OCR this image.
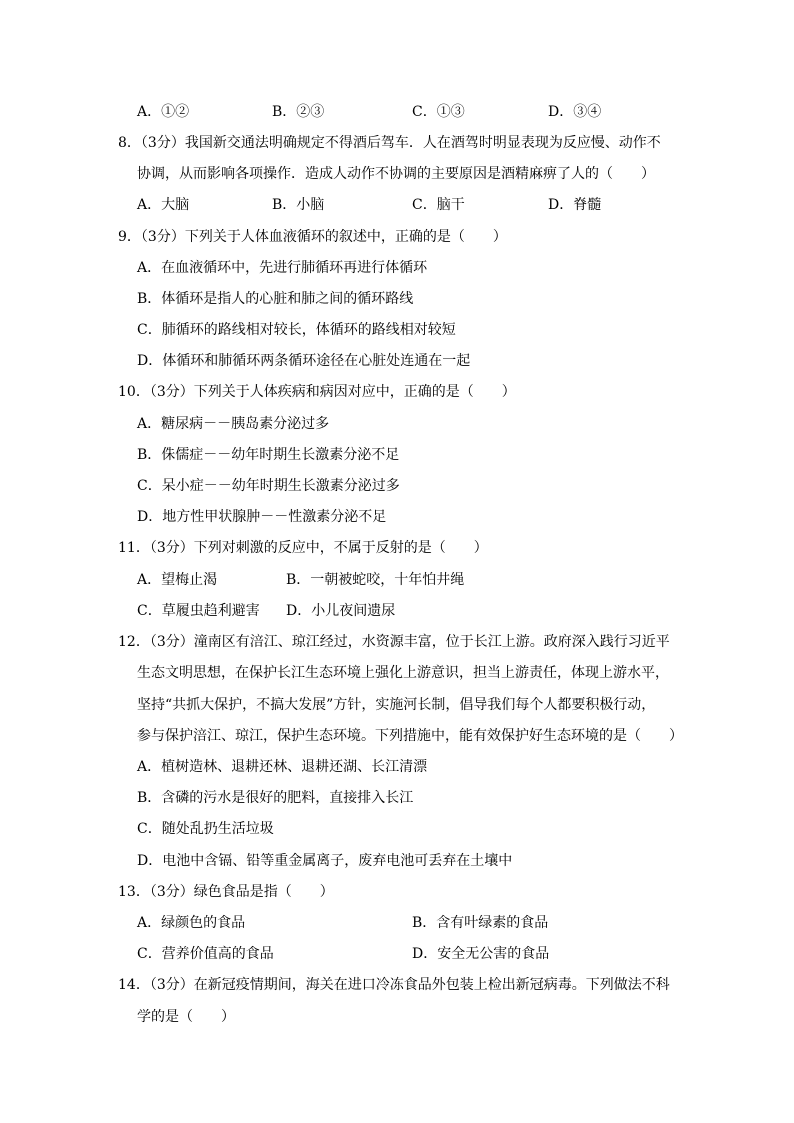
A．①②	B．②③	C．①③	D．③④
8．（3分）我国新交通法明确规定不得酒后驾车．人在酒驾时明显表现为反应慢、动作不
协调，从而影响各项操作．造成人动作不协调的主要原因是酒精麻痹了人的（　　）
A．大脑	B．小脑	C．脑干	D．脊髓
9．（3分）下列关于人体血液循环的叙述中，正确的是（　　）
A．在血液循环中，先进行肺循环再进行体循环
B．体循环是指人的心脏和肺之间的循环路线
C．肺循环的路线相对较长，体循环的路线相对较短
D．体循环和肺循环两条循环途径在心脏处连通在一起
10．（3分）下列关于人体疾病和病因对应中，正确的是（　　）
A．糖尿病－－胰岛素分泌过多
B．侏儒症－－幼年时期生长激素分泌不足
C．呆小症－－幼年时期生长激素分泌过多
D．地方性甲状腺肿－－性激素分泌不足
11．（3分）下列对刺激的反应中，不属于反射的是（　　）
A．望梅止渴	B．一朝被蛇咬，十年怕井绳
C．草履虫趋利避害 D．小儿夜间遗尿
12．（3分）潼南区有涪江、琼江经过，水资源丰富，位于长江上游。政府深入践行习近平
生态文明思想，在保护长江生态环境上强化上游意识，担当上游责任，体现上游水平，
坚持“共抓大保护，不搞大发展”方针，实施河长制，倡导我们每个人都要积极行动，
参与保护涪江、琼江，保护生态环境。下列措施中，能有效保护好生态环境的是（　　）
A．植树造林、退耕还林、退耕还湖、长江清漂
B．含磷的污水是很好的肥料，直接排入长江
C．随处乱扔生活垃圾
D．电池中含镉、铅等重金属离子，废弃电池可丢弃在土壤中
13．（3分）绿色食品是指（　　）
A．绿颜色的食品	B．含有叶绿素的食品
C．营养价值高的食品	D．安全无公害的食品
14．（3分）在新冠疫情期间，海关在进口冷冻食品外包装上检出新冠病毒。下列做法不科
学的是（　　）
